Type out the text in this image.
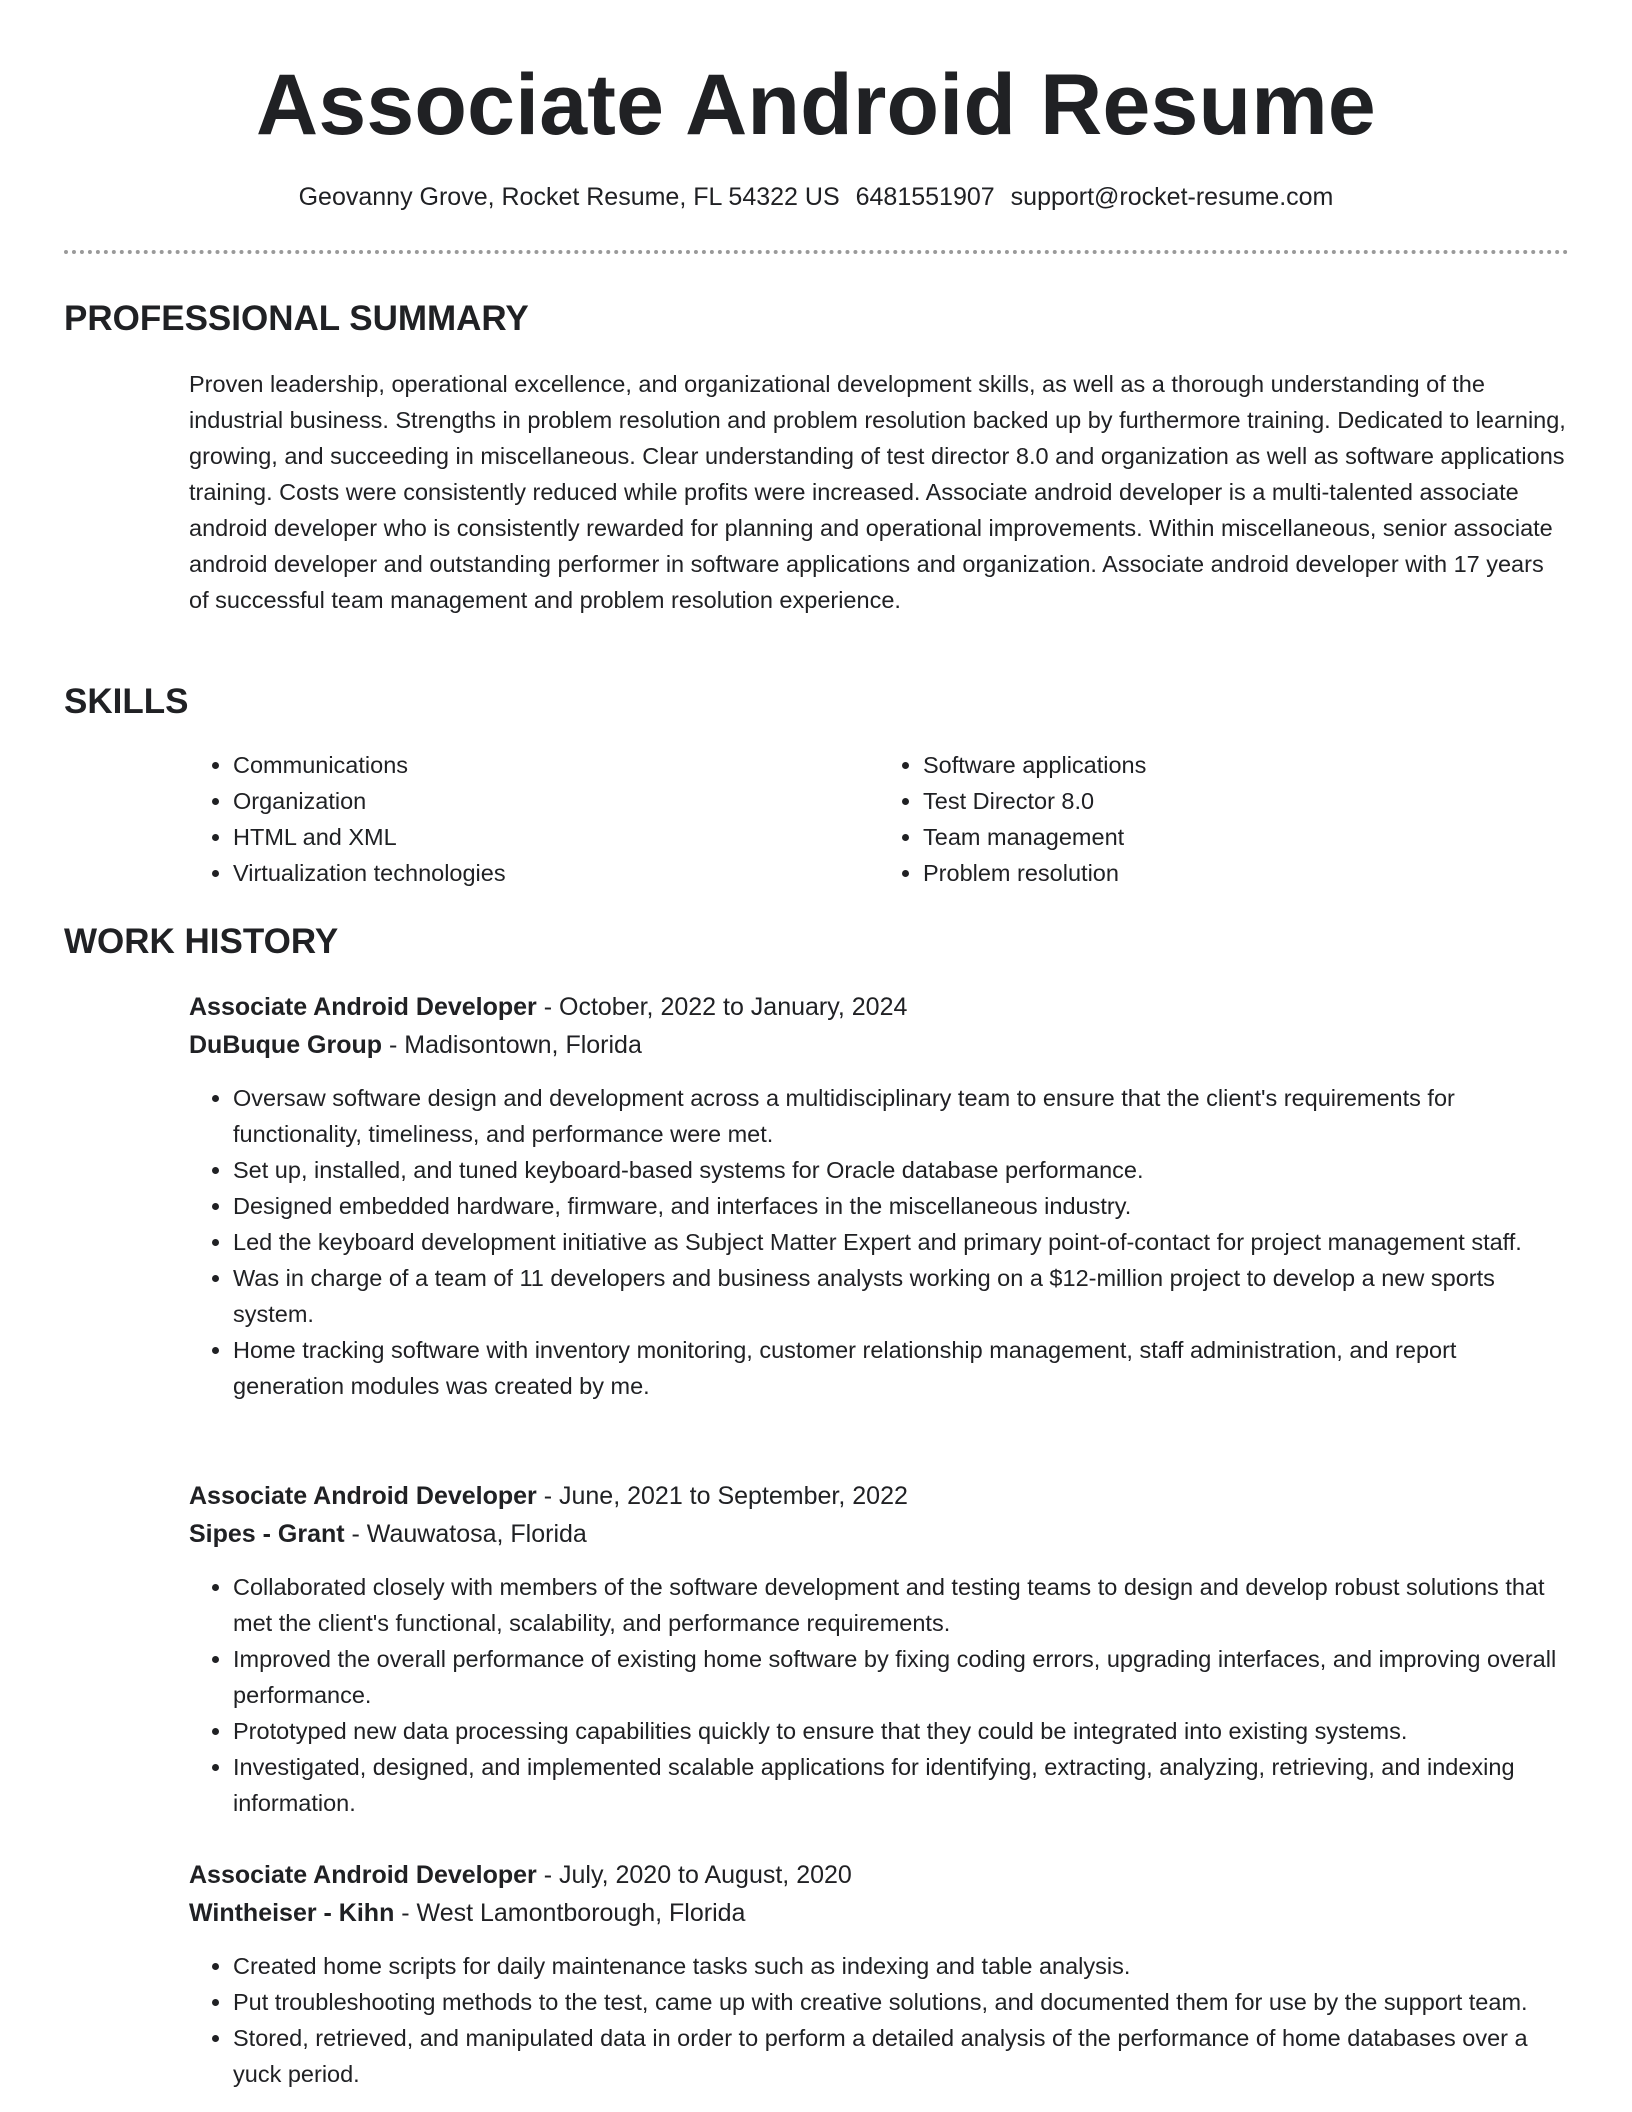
Associate Android Resume
Geovanny Grove, Rocket Resume, FL 54322 US 6481551907 support@rocket-resume.com
PROFESSIONAL SUMMARY
Proven leadership, operational excellence, and organizational development skills, as well as a thorough understanding of the industrial business. Strengths in problem resolution and problem resolution backed up by furthermore training. Dedicated to learning, growing, and succeeding in miscellaneous. Clear understanding of test director 8.0 and organization as well as software applications training. Costs were consistently reduced while profits were increased. Associate android developer is a multi-talented associate android developer who is consistently rewarded for planning and operational improvements. Within miscellaneous, senior associate android developer and outstanding performer in software applications and organization. Associate android developer with 17 years of successful team management and problem resolution experience.
SKILLS
• Communications
• Organization
• HTML and XML
• Virtualization technologies
• Software applications
• Test Director 8.0
• Team management
• Problem resolution
WORK HISTORY
Associate Android Developer - October, 2022 to January, 2024
DuBuque Group - Madisontown, Florida
• Oversaw software design and development across a multidisciplinary team to ensure that the client's requirements for functionality, timeliness, and performance were met.
• Set up, installed, and tuned keyboard-based systems for Oracle database performance.
• Designed embedded hardware, firmware, and interfaces in the miscellaneous industry.
• Led the keyboard development initiative as Subject Matter Expert and primary point-of-contact for project management staff.
• Was in charge of a team of 11 developers and business analysts working on a $12-million project to develop a new sports system.
• Home tracking software with inventory monitoring, customer relationship management, staff administration, and report generation modules was created by me.
Associate Android Developer - June, 2021 to September, 2022
Sipes - Grant - Wauwatosa, Florida
• Collaborated closely with members of the software development and testing teams to design and develop robust solutions that met the client's functional, scalability, and performance requirements.
• Improved the overall performance of existing home software by fixing coding errors, upgrading interfaces, and improving overall performance.
• Prototyped new data processing capabilities quickly to ensure that they could be integrated into existing systems.
• Investigated, designed, and implemented scalable applications for identifying, extracting, analyzing, retrieving, and indexing information.
Associate Android Developer - July, 2020 to August, 2020
Wintheiser - Kihn - West Lamontborough, Florida
• Created home scripts for daily maintenance tasks such as indexing and table analysis.
• Put troubleshooting methods to the test, came up with creative solutions, and documented them for use by the support team.
• Stored, retrieved, and manipulated data in order to perform a detailed analysis of the performance of home databases over a yuck period.
